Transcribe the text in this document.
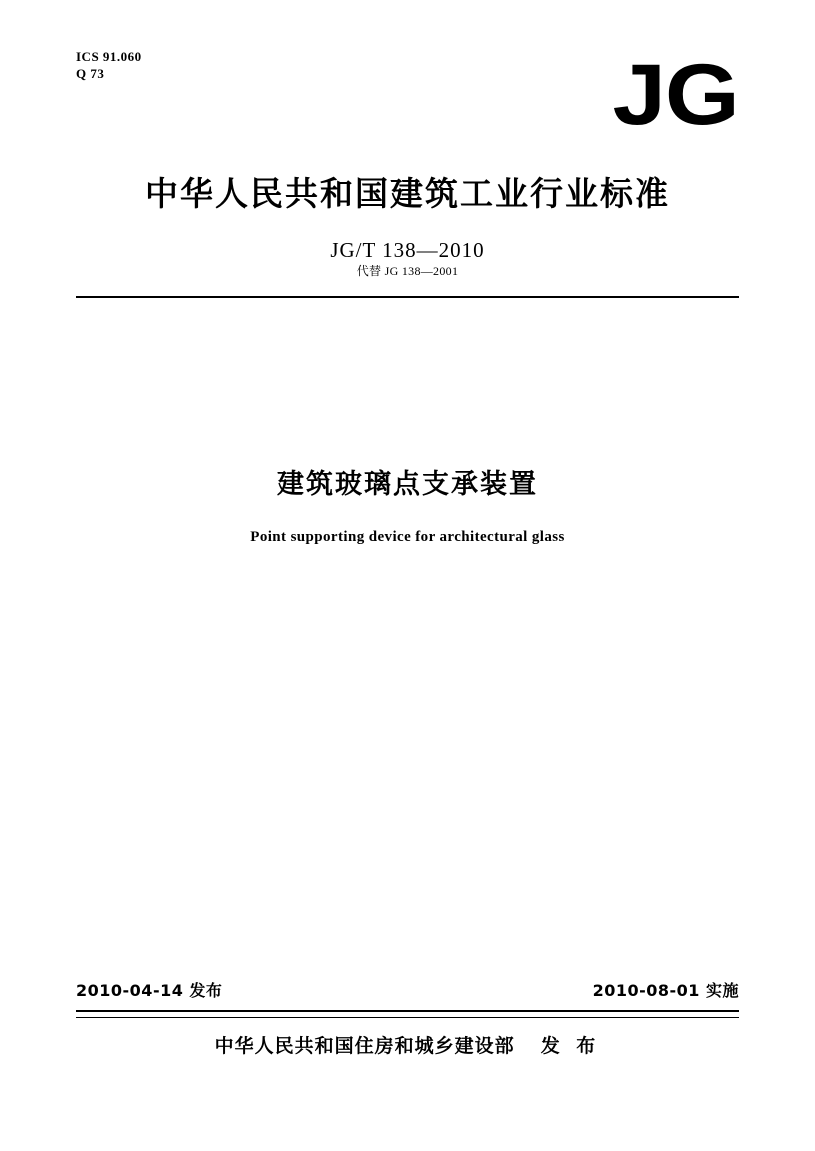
ICS 91.060
Q 73	JG
中华人民共和国建筑工业行业标准
JG/T 138—2010
代替 JG 138—2001
建筑玻璃点支承装置
Point supporting device for architectural glass
2010-04-14 发布	2010-08-01 实施
中华人民共和国住房和城乡建设部 发 布
